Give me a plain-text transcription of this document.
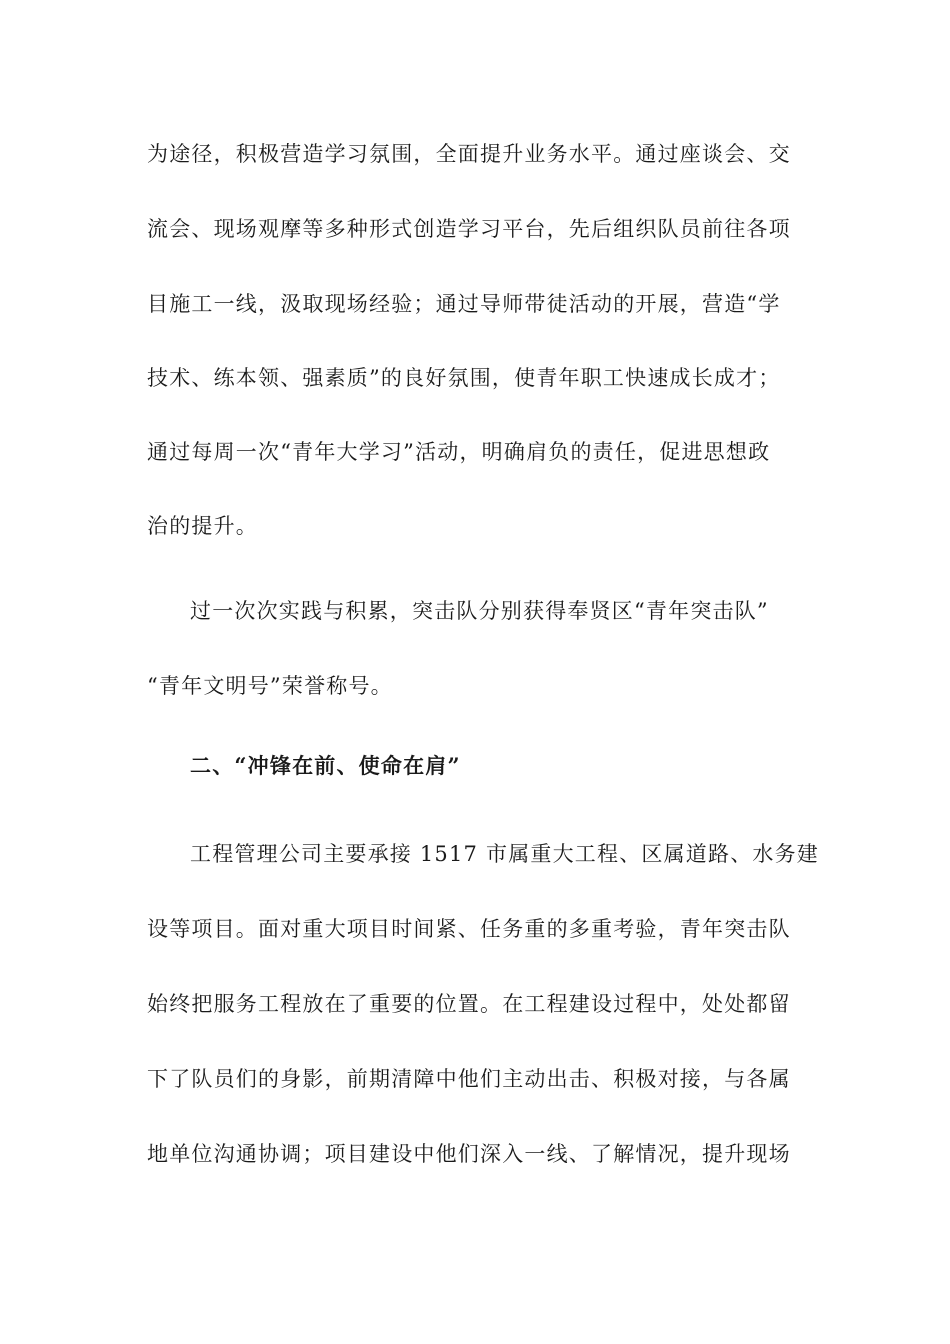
为途径，积极营造学习氛围，全面提升业务水平。通过座谈会、交
流会、现场观摩等多种形式创造学习平台，先后组织队员前往各项
目施工一线，汲取现场经验；通过导师带徒活动的开展，营造“学
技术、练本领、强素质”的良好氛围，使青年职工快速成长成才；
通过每周一次“青年大学习”活动，明确肩负的责任，促进思想政
治的提升。
过一次次实践与积累，突击队分别获得奉贤区“青年突击队”
“青年文明号”荣誉称号。
二、“冲锋在前、使命在肩”
工程管理公司主要承接 1517 市属重大工程、区属道路、水务建
设等项目。面对重大项目时间紧、任务重的多重考验，青年突击队
始终把服务工程放在了重要的位置。在工程建设过程中，处处都留
下了队员们的身影，前期清障中他们主动出击、积极对接，与各属
地单位沟通协调；项目建设中他们深入一线、了解情况，提升现场
